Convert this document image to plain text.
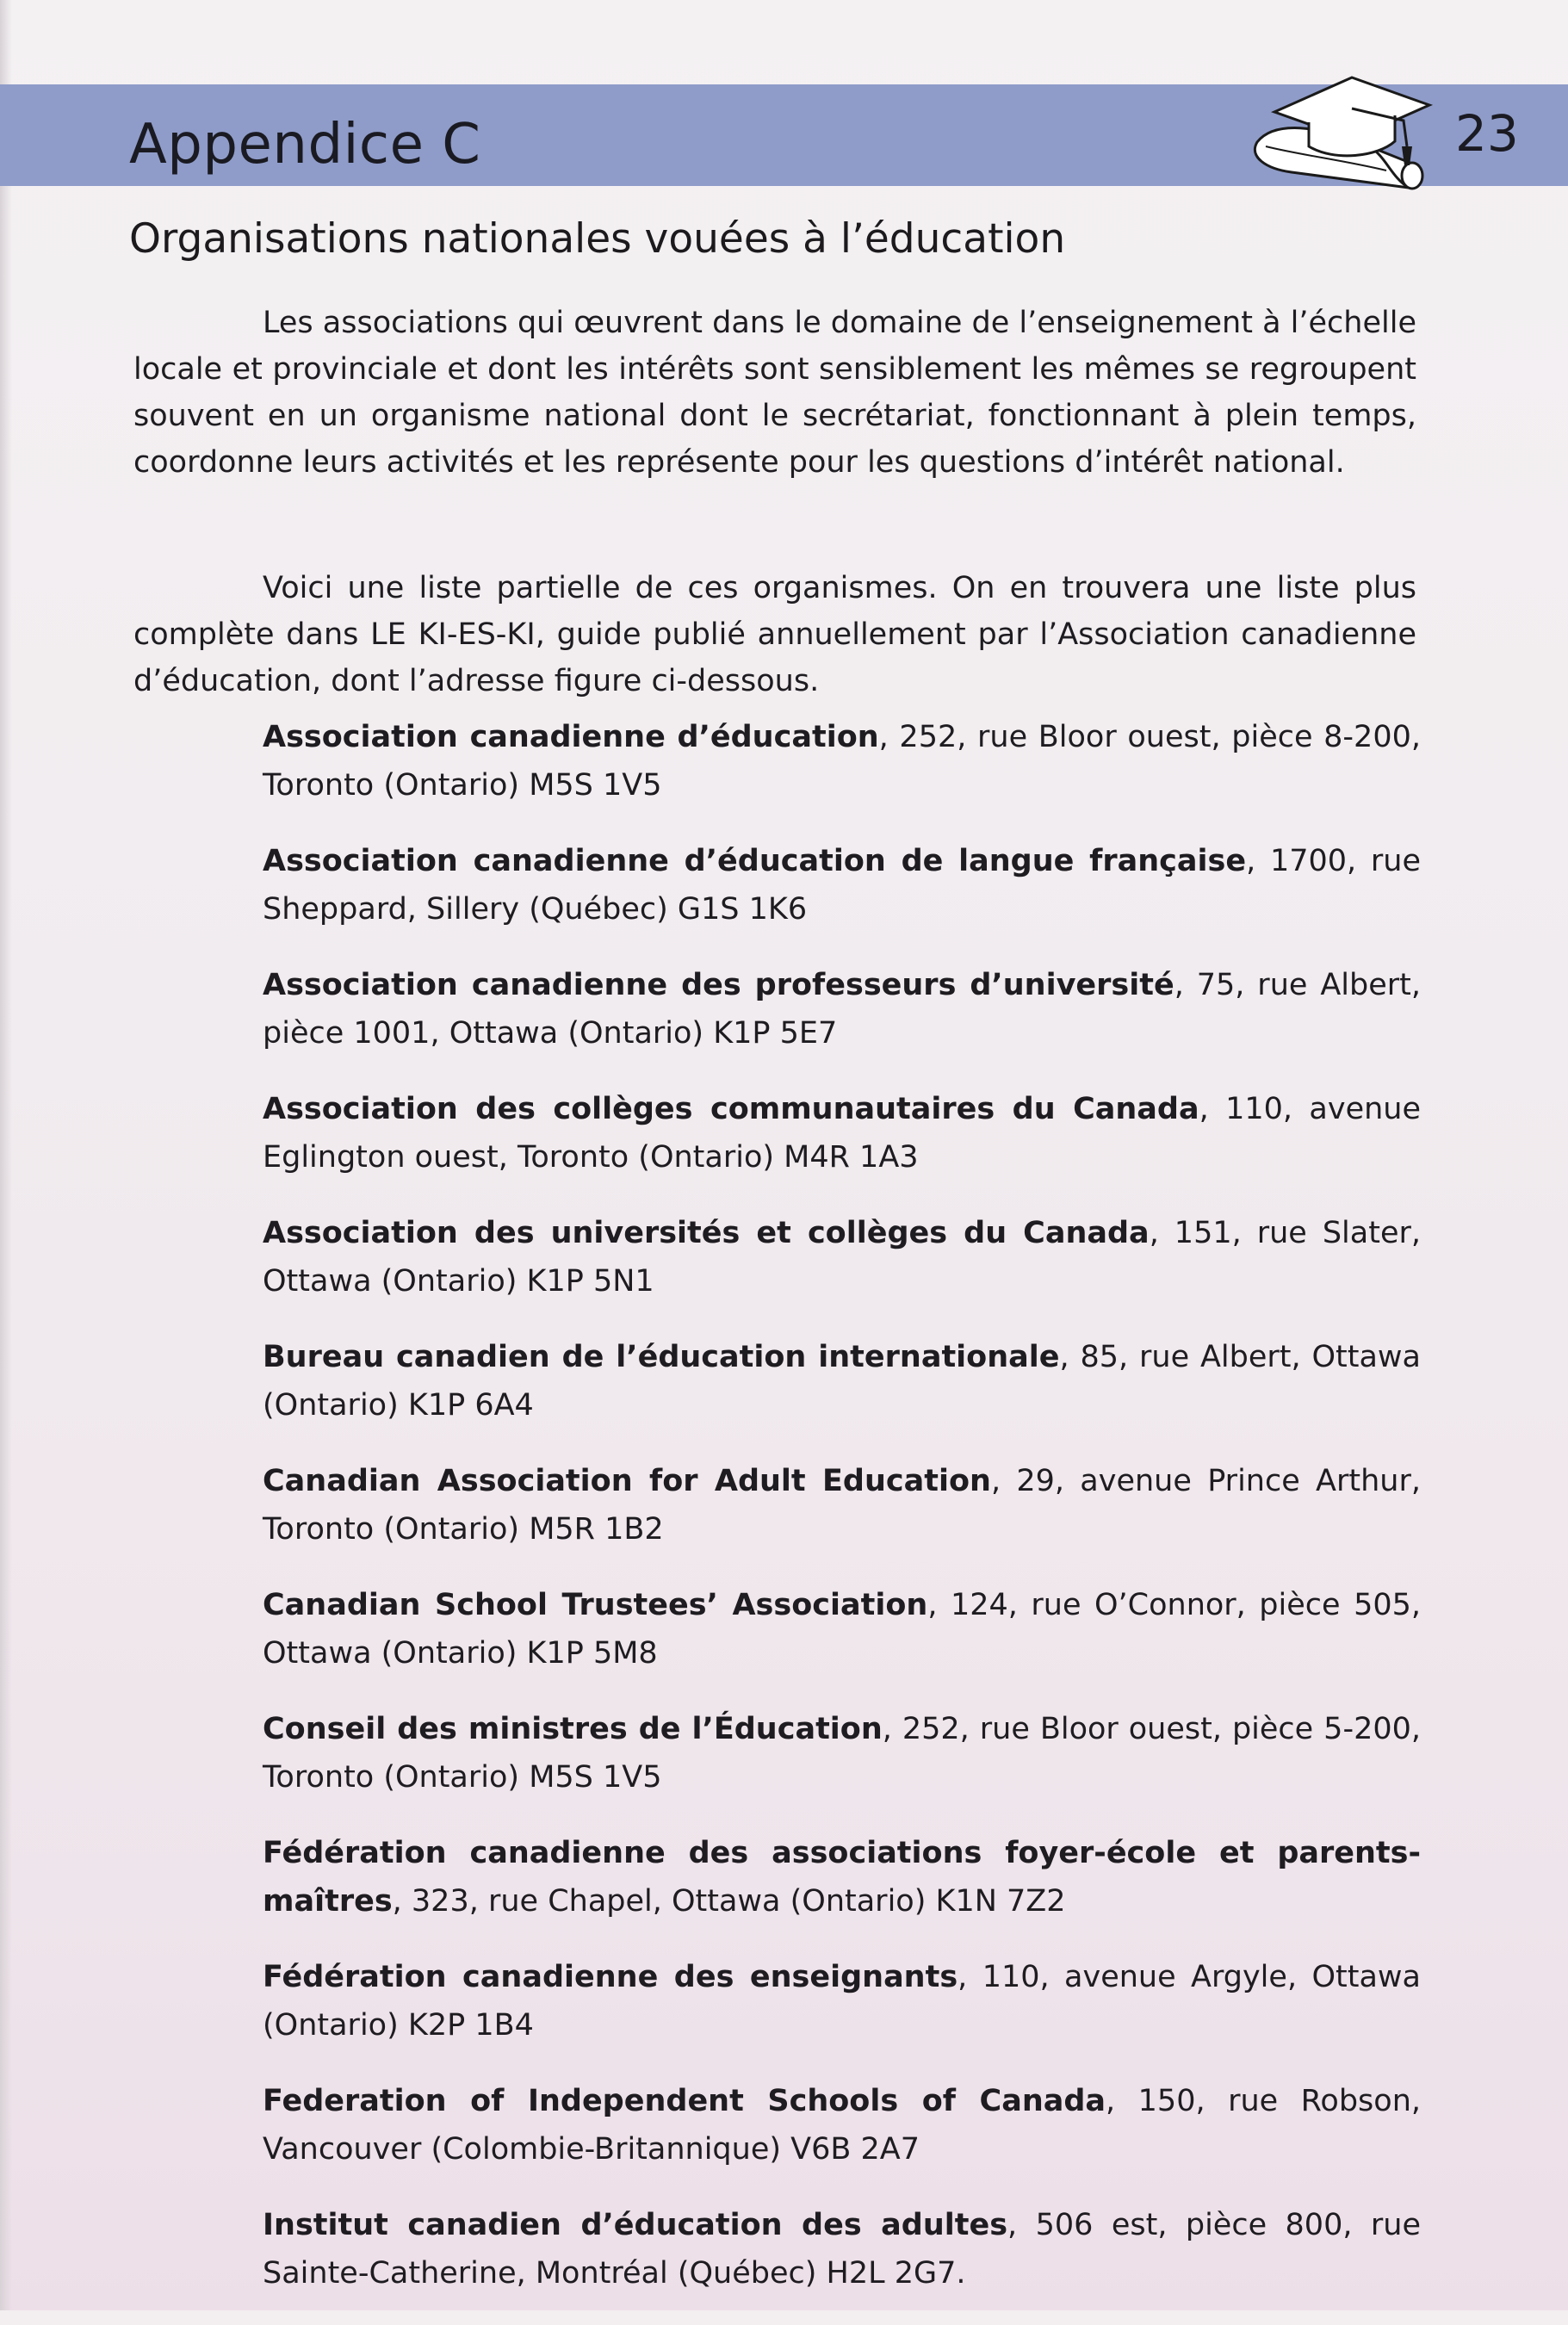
Appendice C	23
Organisations nationales vouées à l’éducation

Les associations qui œuvrent dans le domaine de l’enseignement à l’échelle locale et provinciale et dont les intérêts sont sensiblement les mêmes se regroupent souvent en un organisme national dont le secrétariat, fonctionnant à plein temps, coordonne leurs activités et les représente pour les questions d’intérêt national.

Voici une liste partielle de ces organismes. On en trouvera une liste plus complète dans LE KI-ES-KI, guide publié annuellement par l’Association canadienne d’éducation, dont l’adresse figure ci-dessous.

Association canadienne d’éducation, 252, rue Bloor ouest, pièce 8-200, Toronto (Ontario) M5S 1V5
Association canadienne d’éducation de langue française, 1700, rue Sheppard, Sillery (Québec) G1S 1K6
Association canadienne des professeurs d’université, 75, rue Albert, pièce 1001, Ottawa (Ontario) K1P 5E7
Association des collèges communautaires du Canada, 110, avenue Eglington ouest, Toronto (Ontario) M4R 1A3
Association des universités et collèges du Canada, 151, rue Slater, Ottawa (Ontario) K1P 5N1
Bureau canadien de l’éducation internationale, 85, rue Albert, Ottawa (Ontario) K1P 6A4
Canadian Association for Adult Education, 29, avenue Prince Arthur, Toronto (Ontario) M5R 1B2
Canadian School Trustees’ Association, 124, rue O’Connor, pièce 505, Ottawa (Ontario) K1P 5M8
Conseil des ministres de l’Éducation, 252, rue Bloor ouest, pièce 5-200, Toronto (Ontario) M5S 1V5
Fédération canadienne des associations foyer-école et parents-maîtres, 323, rue Chapel, Ottawa (Ontario) K1N 7Z2
Fédération canadienne des enseignants, 110, avenue Argyle, Ottawa (Ontario) K2P 1B4
Federation of Independent Schools of Canada, 150, rue Robson, Vancouver (Colombie-Britannique) V6B 2A7
Institut canadien d’éducation des adultes, 506 est, pièce 800, rue Sainte-Catherine, Montréal (Québec) H2L 2G7.
